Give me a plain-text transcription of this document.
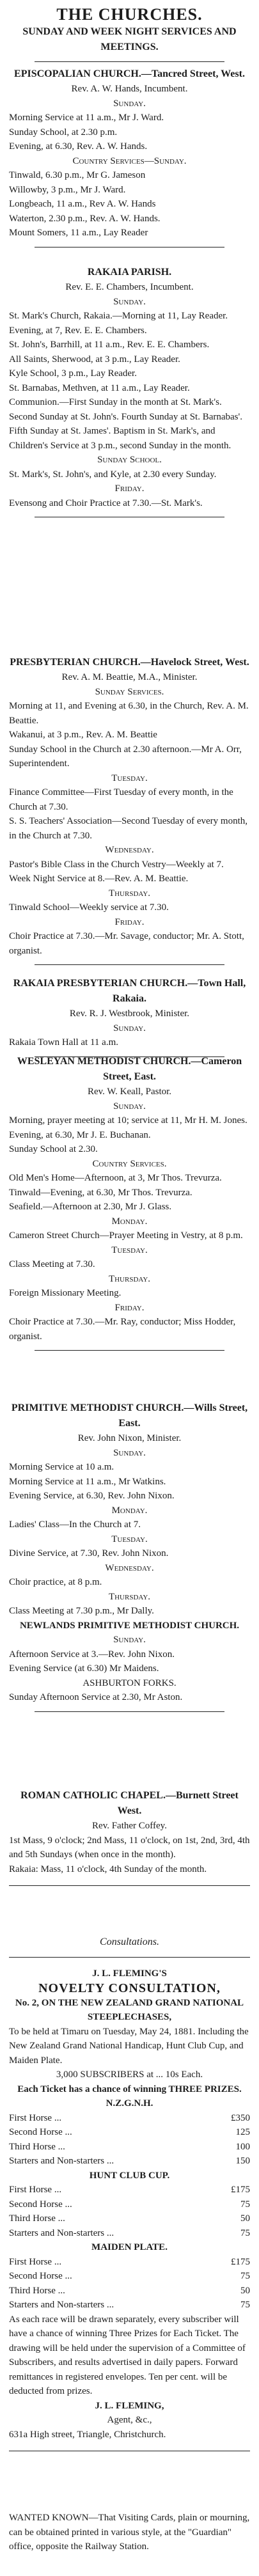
THE CHURCHES.
SUNDAY AND WEEK NIGHT SERVICES AND MEETINGS.
EPISCOPALIAN CHURCH.—Tancred Street, West.

Rev. A. W. Hands, Incumbent.

Sunday.

Morning Service at 11 a.m., Mr J. Ward.

Sunday School, at 2.30 p.m.

Evening, at 6.30, Rev. A. W. Hands.

Country Services—Sunday.

Tinwald, 6.30 p.m., Mr G. Jameson

Willowby, 3 p.m., Mr J. Ward.

Longbeach, 11 a.m., Rev A. W. Hands

Waterton, 2.30 p.m., Rev. A. W. Hands.

Mount Somers, 11 a.m., Lay Reader

RAKAIA PARISH.

Rev. E. E. Chambers, Incumbent.

Sunday.

St. Mark's Church, Rakaia.—Morning at 11, Lay Reader. Evening, at 7, Rev. E. E. Chambers.

St. John's, Barrhill, at 11 a.m., Rev. E. E. Chambers.

All Saints, Sherwood, at 3 p.m., Lay Reader.

Kyle School, 3 p.m., Lay Reader.

St. Barnabas, Methven, at 11 a.m., Lay Reader.

Communion.—First Sunday in the month at St. Mark's. Second Sunday at St. John's. Fourth Sunday at St. Barnabas'. Fifth Sunday at St. James'. Baptism in St. Mark's, and Children's Service at 3 p.m., second Sunday in the month.

Sunday School.

St. Mark's, St. John's, and Kyle, at 2.30 every Sunday.

Friday.

Evensong and Choir Practice at 7.30.—St. Mark's.

PRESBYTERIAN CHURCH.—Havelock Street, West.

Rev. A. M. Beattie, M.A., Minister.

Sunday Services.

Morning at 11, and Evening at 6.30, in the Church, Rev. A. M. Beattie.

Wakanui, at 3 p.m., Rev. A. M. Beattie

Sunday School in the Church at 2.30 afternoon.—Mr A. Orr, Superintendent.

Tuesday.

Finance Committee—First Tuesday of every month, in the Church at 7.30.

S. S. Teachers' Association—Second Tuesday of every month, in the Church at 7.30.

Wednesday.

Pastor's Bible Class in the Church Vestry—Weekly at 7.

Week Night Service at 8.—Rev. A. M. Beattie.

Thursday.

Tinwald School—Weekly service at 7.30.

Friday.

Choir Practice at 7.30.—Mr. Savage, conductor; Mr. A. Stott, organist.

RAKAIA PRESBYTERIAN CHURCH.—Town Hall, Rakaia.

Rev. R. J. Westbrook, Minister.

Sunday.

Rakaia Town Hall at 11 a.m.

WESLEYAN METHODIST CHURCH.—Cameron Street, East.

Rev. W. Keall, Pastor.

Sunday.

Morning, prayer meeting at 10; service at 11, Mr H. M. Jones.

Evening, at 6.30, Mr J. E. Buchanan.

Sunday School at 2.30.

Country Services.

Old Men's Home—Afternoon, at 3, Mr Thos. Trevurza.

Tinwald—Evening, at 6.30, Mr Thos. Trevurza.

Seafield.—Afternoon at 2.30, Mr J. Glass.

Monday.

Cameron Street Church—Prayer Meeting in Vestry, at 8 p.m.

Tuesday.

Class Meeting at 7.30.

Thursday.

Foreign Missionary Meeting.

Friday.

Choir Practice at 7.30.—Mr. Ray, conductor; Miss Hodder, organist.

PRIMITIVE METHODIST CHURCH.—Wills Street, East.

Rev. John Nixon, Minister.

Sunday.

Morning Service at 10 a.m.

Morning Service at 11 a.m., Mr Watkins.

Evening Service, at 6.30, Rev. John Nixon.

Monday.

Ladies' Class—In the Church at 7.

Tuesday.

Divine Service, at 7.30, Rev. John Nixon.

Wednesday.

Choir practice, at 8 p.m.

Thursday.

Class Meeting at 7.30 p.m., Mr Dally.

NEWLANDS PRIMITIVE METHODIST CHURCH.

Sunday.

Afternoon Service at 3.—Rev. John Nixon.

Evening Service (at 6.30) Mr Maidens.

ASHBURTON FORKS.

Sunday Afternoon Service at 2.30, Mr Aston.

ROMAN CATHOLIC CHAPEL.—Burnett Street West.

Rev. Father Coffey.

1st Mass, 9 o'clock; 2nd Mass, 11 o'clock, on 1st, 2nd, 3rd, 4th and 5th Sundays (when once in the month).

Rakaia: Mass, 11 o'clock, 4th Sunday of the month.

Consultations.

J. L. FLEMING'S

NOVELTY CONSULTATION,

No. 2, ON THE NEW ZEALAND GRAND NATIONAL STEEPLECHASES,

To be held at Timaru on Tuesday, May 24, 1881. Including the New Zealand Grand National Handicap, Hunt Club Cup, and Maiden Plate.

3,000 SUBSCRIBERS at ... 10s Each.

Each Ticket has a chance of winning THREE PRIZES.

N.Z.G.N.H.

First Horse ...	£350
Second Horse ...	125
Third Horse ...	100
Starters and Non-starters ...	150

HUNT CLUB CUP.

First Horse ...	£175
Second Horse ...	75
Third Horse ...	50
Starters and Non-starters ...	75

MAIDEN PLATE.

First Horse ...	£175
Second Horse ...	75
Third Horse ...	50
Starters and Non-starters ...	75

As each race will be drawn separately, every subscriber will have a chance of winning Three Prizes for Each Ticket. The drawing will be held under the supervision of a Committee of Subscribers, and results advertised in daily papers. Forward remittances in registered envelopes. Ten per cent. will be deducted from prizes.

J. L. FLEMING,

Agent, &c.,

631a High street, Triangle, Christchurch.

WANTED KNOWN—That Visiting Cards, plain or mourning, can be obtained printed in various style, at the "Guardian" office, opposite the Railway Station.
